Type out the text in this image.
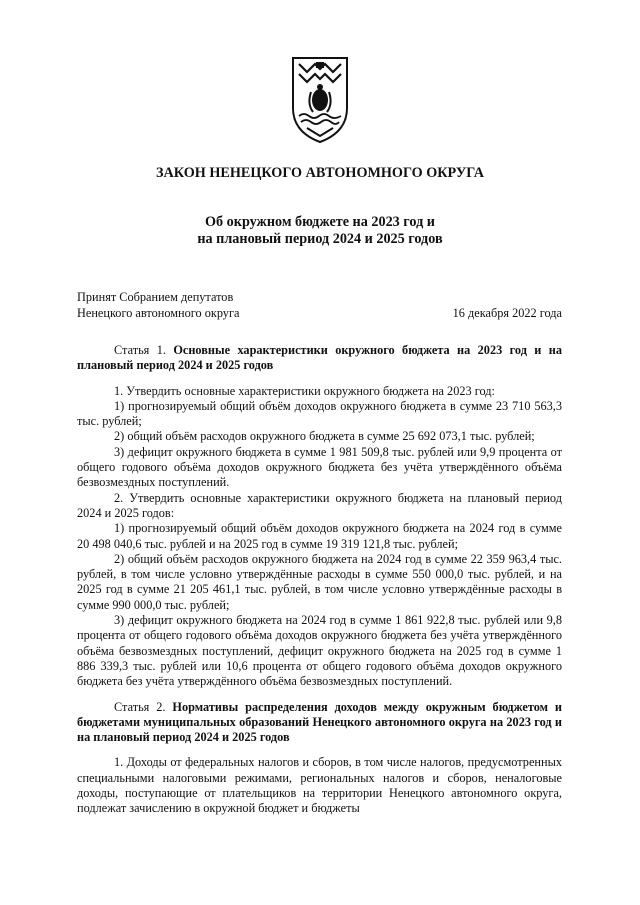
ЗАКОН НЕНЕЦКОГО АВТОНОМНОГО ОКРУГА
Об окружном бюджете на 2023 год и
на плановый период 2024 и 2025 годов
Принят Собранием депутатов
Ненецкого автономного округа	16 декабря 2022 года

Статья 1. Основные характеристики окружного бюджета на 2023 год и на плановый период 2024 и 2025 годов

1. Утвердить основные характеристики окружного бюджета на 2023 год:

1) прогнозируемый общий объём доходов окружного бюджета в сумме 23 710 563,3 тыс. рублей;

2) общий объём расходов окружного бюджета в сумме 25 692 073,1 тыс. рублей;

3) дефицит окружного бюджета в сумме 1 981 509,8 тыс. рублей или 9,9 процента от общего годового объёма доходов окружного бюджета без учёта утверждённого объёма безвозмездных поступлений.

2. Утвердить основные характеристики окружного бюджета на плановый период 2024 и 2025 годов:

1) прогнозируемый общий объём доходов окружного бюджета на 2024 год в сумме 20 498 040,6 тыс. рублей и на 2025 год в сумме 19 319 121,8 тыс. рублей;

2) общий объём расходов окружного бюджета на 2024 год в сумме 22 359 963,4 тыс. рублей, в том числе условно утверждённые расходы в сумме 550 000,0 тыс. рублей, и на 2025 год в сумме 21 205 461,1 тыс. рублей, в том числе условно утверждённые расходы в сумме 990 000,0 тыс. рублей;

3) дефицит окружного бюджета на 2024 год в сумме 1 861 922,8 тыс. рублей или 9,8 процента от общего годового объёма доходов окружного бюджета без учёта утверждённого объёма безвозмездных поступлений, дефицит окружного бюджета на 2025 год в сумме 1 886 339,3 тыс. рублей или 10,6 процента от общего годового объёма доходов окружного бюджета без учёта утверждённого объёма безвозмездных поступлений.

Статья 2. Нормативы распределения доходов между окружным бюджетом и бюджетами муниципальных образований Ненецкого автономного округа на 2023 год и на плановый период 2024 и 2025 годов

1. Доходы от федеральных налогов и сборов, в том числе налогов, предусмотренных специальными налоговыми режимами, региональных налогов и сборов, неналоговые доходы, поступающие от плательщиков на территории Ненецкого автономного округа, подлежат зачислению в окружной бюджет и бюджеты
